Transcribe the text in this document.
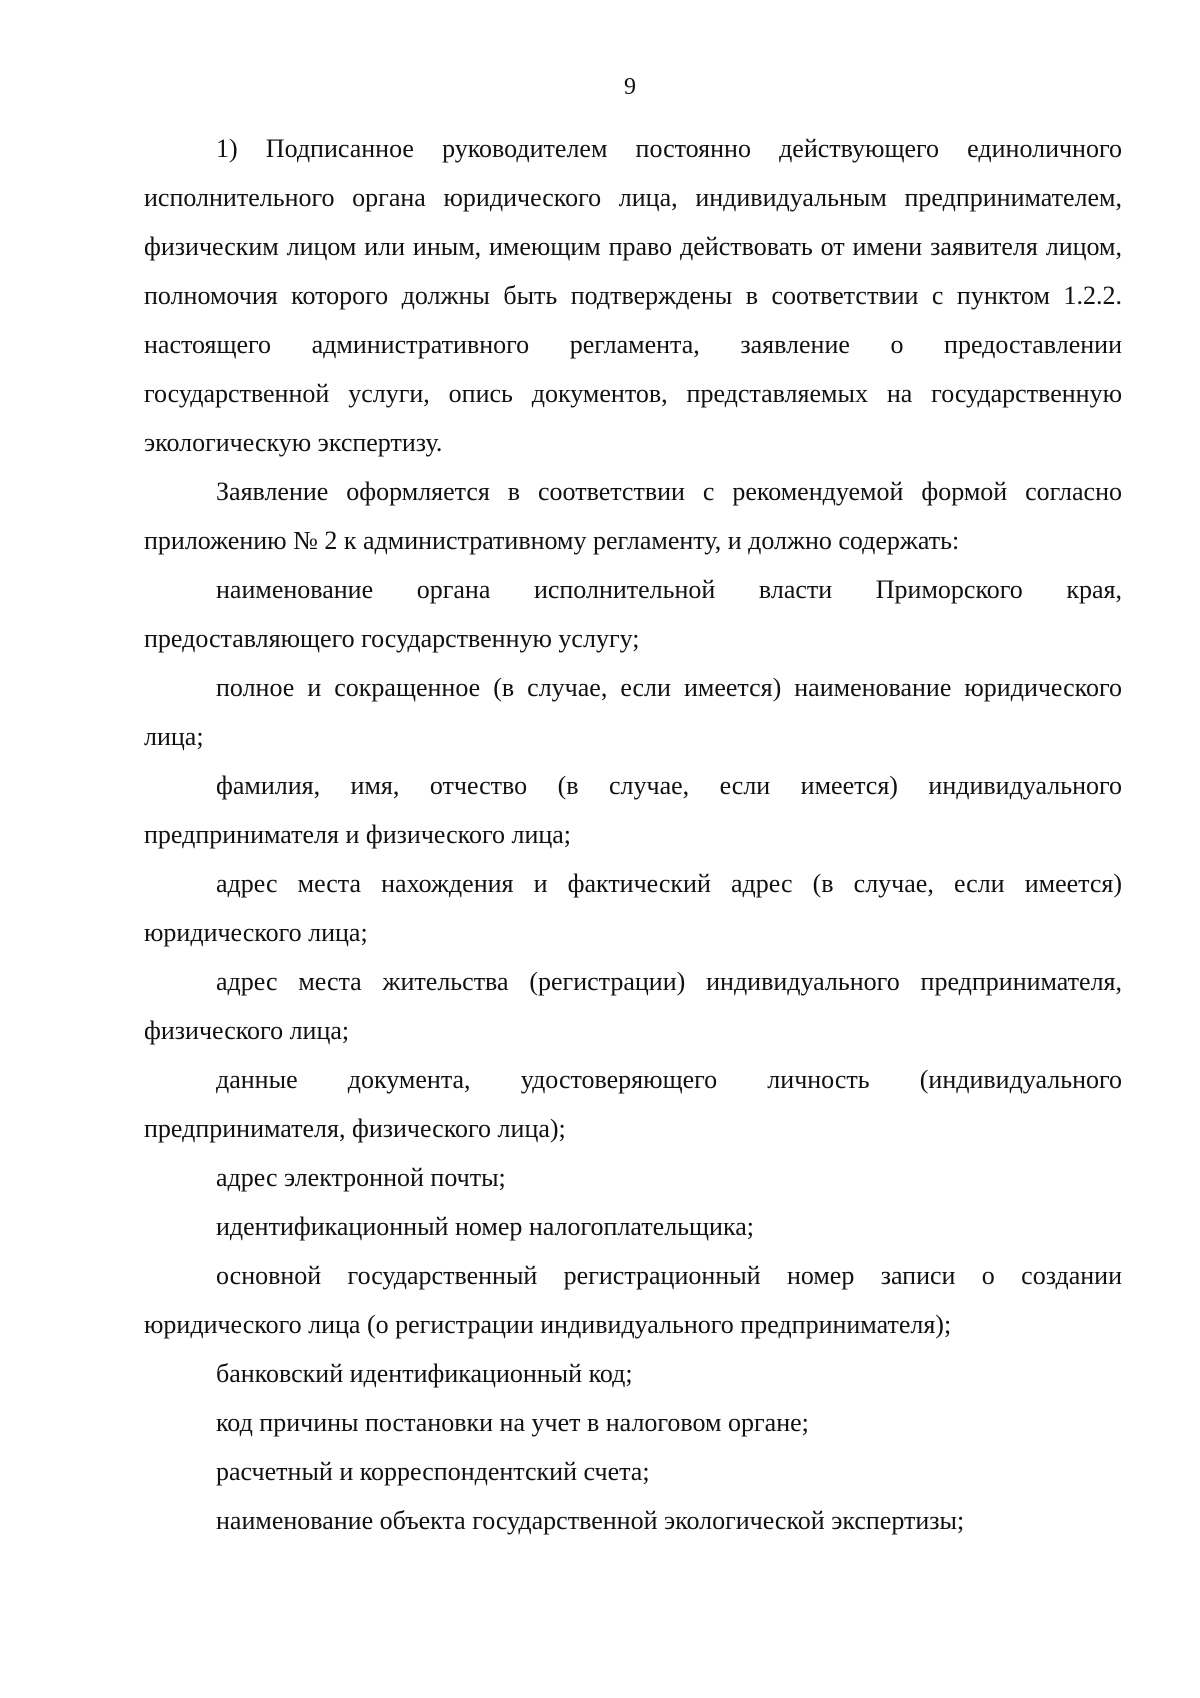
9

1) Подписанное руководителем постоянно действующего единоличного исполнительного органа юридического лица, индивидуальным предпринимателем, физическим лицом или иным, имеющим право действовать от имени заявителя лицом, полномочия которого должны быть подтверждены в соответствии с пунктом 1.2.2. настоящего административного регламента, заявление о предоставлении государственной услуги, опись документов, представляемых на государственную экологическую экспертизу.

Заявление оформляется в соответствии с рекомендуемой формой согласно приложению № 2 к административному регламенту, и должно содержать:

наименование органа исполнительной власти Приморского края, предоставляющего государственную услугу;

полное и сокращенное (в случае, если имеется) наименование юридического лица;

фамилия, имя, отчество (в случае, если имеется) индивидуального предпринимателя и физического лица;

адрес места нахождения и фактический адрес (в случае, если имеется) юридического лица;

адрес места жительства (регистрации) индивидуального предпринимателя, физического лица;

данные документа, удостоверяющего личность (индивидуального предпринимателя, физического лица);

адрес электронной почты;

идентификационный номер налогоплательщика;

основной государственный регистрационный номер записи о создании юридического лица (о регистрации индивидуального предпринимателя);

банковский идентификационный код;

код причины постановки на учет в налоговом органе;

расчетный и корреспондентский счета;

наименование объекта государственной экологической экспертизы;
